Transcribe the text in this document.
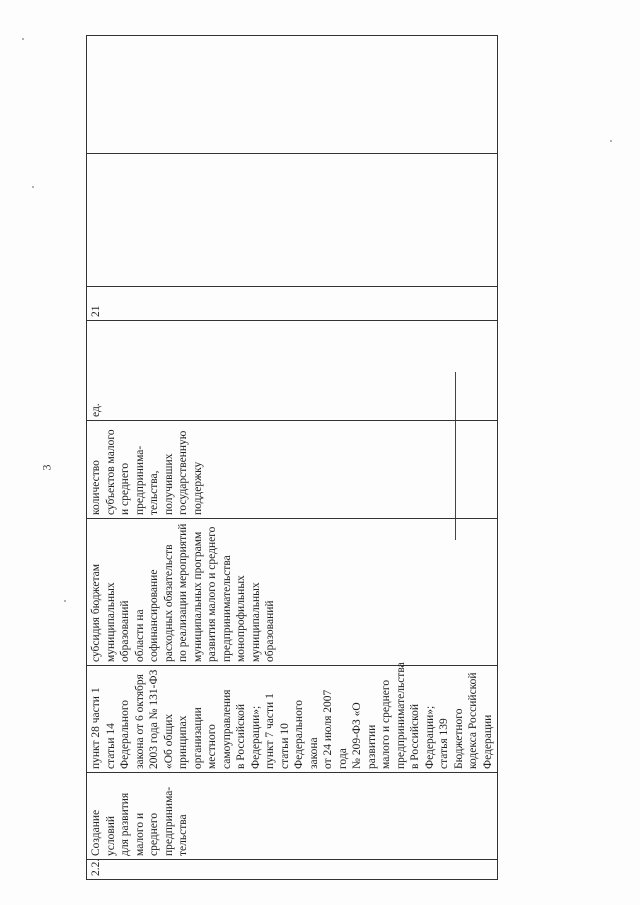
3
2.2.

Создание условий
для развития
малого и среднего
предпринима-
тельства

пункт 28 части 1
статьи 14 Федерального
закона от 6 октября
2003 года № 131-ФЗ
«Об общих принципах
организации местного
самоуправления
в Российской
Федерации»;
пункт 7 части 1
статьи 10
Федерального закона
от 24 июля 2007 года
№ 209-ФЗ «О развитии
малого и среднего
предпринимательства
в Российской
Федерации»;
статья 139 Бюджетного
кодекса Российской
Федерации

субсидия бюджетам
муниципальных образований
области на софинансирование
расходных обязательств
по реализации мероприятий
муниципальных программ
развития малого и среднего
предпринимательства
монопрофильных
муниципальных образований

количество
субъектов малого
и среднего
предпринима-
тельства,
получивших
государственную
поддержку

ед.

21
